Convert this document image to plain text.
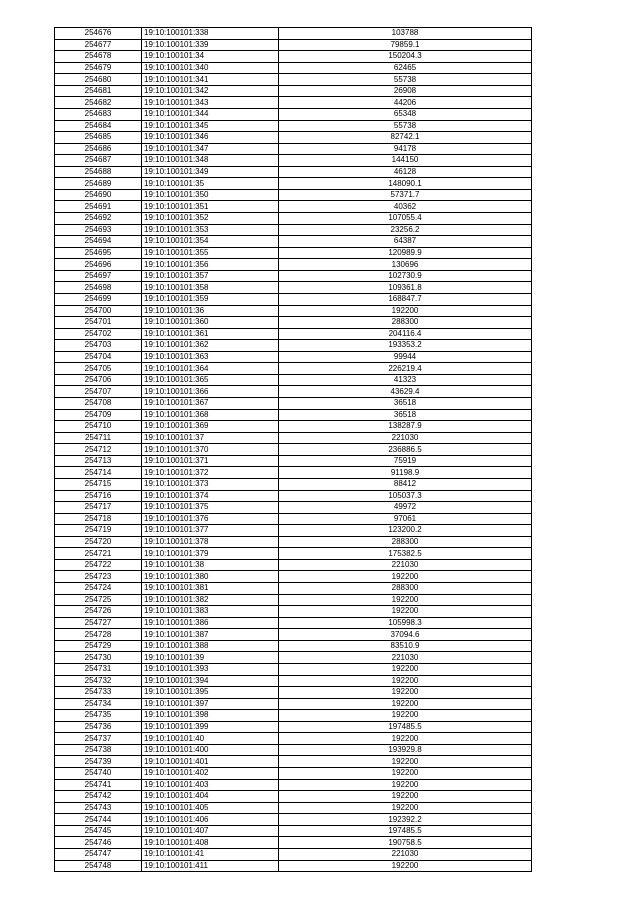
254676	19:10:100101:338	103788
254677	19:10:100101:339	79859.1
254678	19:10:100101:34	150204.3
254679	19:10:100101:340	62465
254680	19:10:100101:341	55738
254681	19:10:100101:342	26908
254682	19:10:100101:343	44206
254683	19:10:100101:344	65348
254684	19:10:100101:345	55738
254685	19:10:100101:346	82742.1
254686	19:10:100101:347	94178
254687	19:10:100101:348	144150
254688	19:10:100101:349	46128
254689	19:10:100101:35	148090.1
254690	19:10:100101:350	57371.7
254691	19:10:100101:351	40362
254692	19:10:100101:352	107055.4
254693	19:10:100101:353	23256.2
254694	19:10:100101:354	64387
254695	19:10:100101:355	120989.9
254696	19:10:100101:356	130696
254697	19:10:100101:357	102730.9
254698	19:10:100101:358	109361.8
254699	19:10:100101:359	168847.7
254700	19:10:100101:36	192200
254701	19:10:100101:360	288300
254702	19:10:100101:361	204116.4
254703	19:10:100101:362	193353.2
254704	19:10:100101:363	99944
254705	19:10:100101:364	226219.4
254706	19:10:100101:365	41323
254707	19:10:100101:366	43629.4
254708	19:10:100101:367	36518
254709	19:10:100101:368	36518
254710	19:10:100101:369	138287.9
254711	19:10:100101:37	221030
254712	19:10:100101:370	236886.5
254713	19:10:100101:371	75919
254714	19:10:100101:372	91198.9
254715	19:10:100101:373	88412
254716	19:10:100101:374	105037.3
254717	19:10:100101:375	49972
254718	19:10:100101:376	97061
254719	19:10:100101:377	123200.2
254720	19:10:100101:378	288300
254721	19:10:100101:379	175382.5
254722	19:10:100101:38	221030
254723	19:10:100101:380	192200
254724	19:10:100101:381	288300
254725	19:10:100101:382	192200
254726	19:10:100101:383	192200
254727	19:10:100101:386	105998.3
254728	19:10:100101:387	37094.6
254729	19:10:100101:388	83510.9
254730	19:10:100101:39	221030
254731	19:10:100101:393	192200
254732	19:10:100101:394	192200
254733	19:10:100101:395	192200
254734	19:10:100101:397	192200
254735	19:10:100101:398	192200
254736	19:10:100101:399	197485.5
254737	19:10:100101:40	192200
254738	19:10:100101:400	193929.8
254739	19:10:100101:401	192200
254740	19:10:100101:402	192200
254741	19:10:100101:403	192200
254742	19:10:100101:404	192200
254743	19:10:100101:405	192200
254744	19:10:100101:406	192392.2
254745	19:10:100101:407	197485.5
254746	19:10:100101:408	190758.5
254747	19:10:100101:41	221030
254748	19:10:100101:411	192200
